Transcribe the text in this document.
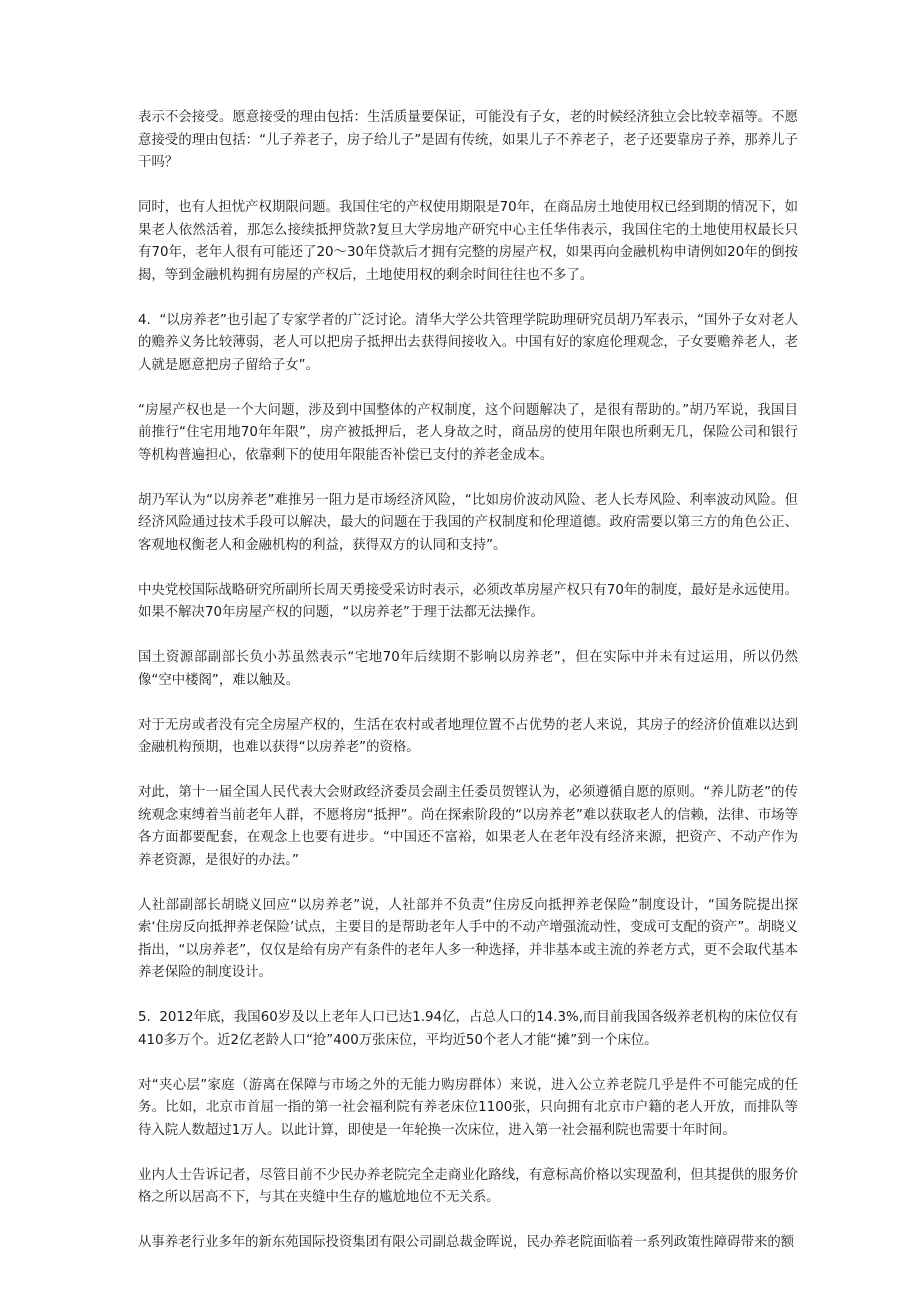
表示不会接受。愿意接受的理由包括：生活质量要保证，可能没有子女，老的时候经济独立会比较幸福等。不愿意接受的理由包括：“儿子养老子，房子给儿子”是固有传统，如果儿子不养老子，老子还要靠房子养，那养儿子干吗？

同时，也有人担忧产权期限问题。我国住宅的产权使用期限是70年，在商品房土地使用权已经到期的情况下，如果老人依然活着，那怎么接续抵押贷款?复旦大学房地产研究中心主任华伟表示，我国住宅的土地使用权最长只有70年，老年人很有可能还了20〜30年贷款后才拥有完整的房屋产权，如果再向金融机构申请例如20年的倒按揭，等到金融机构拥有房屋的产权后，土地使用权的剩余时间往往也不多了。

4.  “以房养老”也引起了专家学者的广泛讨论。清华大学公共管理学院助理研究员胡乃军表示，“国外子女对老人的赡养义务比较薄弱，老人可以把房子抵押出去获得间接收入。中国有好的家庭伦理观念，子女要赡养老人，老人就是愿意把房子留给子女”。

“房屋产权也是一个大问题，涉及到中国整体的产权制度，这个问题解决了，是很有帮助的。”胡乃军说，我国目前推行“住宅用地70年年限”，房产被抵押后，老人身故之时，商品房的使用年限也所剩无几，保险公司和银行等机构普遍担心，依靠剩下的使用年限能否补偿已支付的养老金成本。

胡乃军认为“以房养老”难推另一阻力是市场经济风险，“比如房价波动风险、老人长寿风险、利率波动风险。但经济风险通过技术手段可以解决，最大的问题在于我国的产权制度和伦理道德。政府需要以第三方的角色公正、客观地权衡老人和金融机构的利益，获得双方的认同和支持”。

中央党校国际战略研究所副所长周天勇接受采访时表示，必须改革房屋产权只有70年的制度，最好是永远使用。如果不解决70年房屋产权的问题，“以房养老”于理于法都无法操作。

国土资源部副部长负小苏虽然表示“宅地70年后续期不影响以房养老”，但在实际中并未有过运用，所以仍然像“空中楼阁”，难以触及。

对于无房或者没有完全房屋产权的，生活在农村或者地理位置不占优势的老人来说，其房子的经济价值难以达到金融机构预期，也难以获得“以房养老”的资格。

对此，第十一届全国人民代表大会财政经济委员会副主任委员贺铿认为，必须遵循自愿的原则。“养儿防老”的传统观念束缚着当前老年人群，不愿将房“抵押”。尚在探索阶段的“以房养老”难以获取老人的信赖，法律、市场等各方面都要配套，在观念上也要有进步。“中国还不富裕，如果老人在老年没有经济来源，把资产、不动产作为养老资源，是很好的办法。”

人社部副部长胡晓义回应“以房养老”说，人社部并不负责“住房反向抵押养老保险”制度设计，“国务院提出探索‘住房反向抵押养老保险’试点，主要目的是帮助老年人手中的不动产增强流动性，变成可支配的资产”。胡晓义指出，“以房养老”，仅仅是给有房产有条件的老年人多一种选择，并非基本或主流的养老方式，更不会取代基本养老保险的制度设计。

5.  2012年底，我国60岁及以上老年人口已达1.94亿，占总人口的14.3%,而目前我国各级养老机构的床位仅有410多万个。近2亿老龄人口“抢”400万张床位，平均近50个老人才能“摊”到一个床位。

对“夹心层”家庭（游离在保障与市场之外的无能力购房群体）来说，进入公立养老院几乎是件不可能完成的任务。比如，北京市首屈一指的第一社会福利院有养老床位1100张，只向拥有北京市户籍的老人开放，而排队等待入院人数超过1万人。以此计算，即使是一年轮换一次床位，进入第一社会福利院也需要十年时间。

业内人士告诉记者，尽管目前不少民办养老院完全走商业化路线，有意标高价格以实现盈利，但其提供的服务价格之所以居高不下，与其在夹缝中生存的尴尬地位不无关系。

从事养老行业多年的新东苑国际投资集团有限公司副总裁金晖说，民办养老院面临着一系列政策性障碍带来的额
